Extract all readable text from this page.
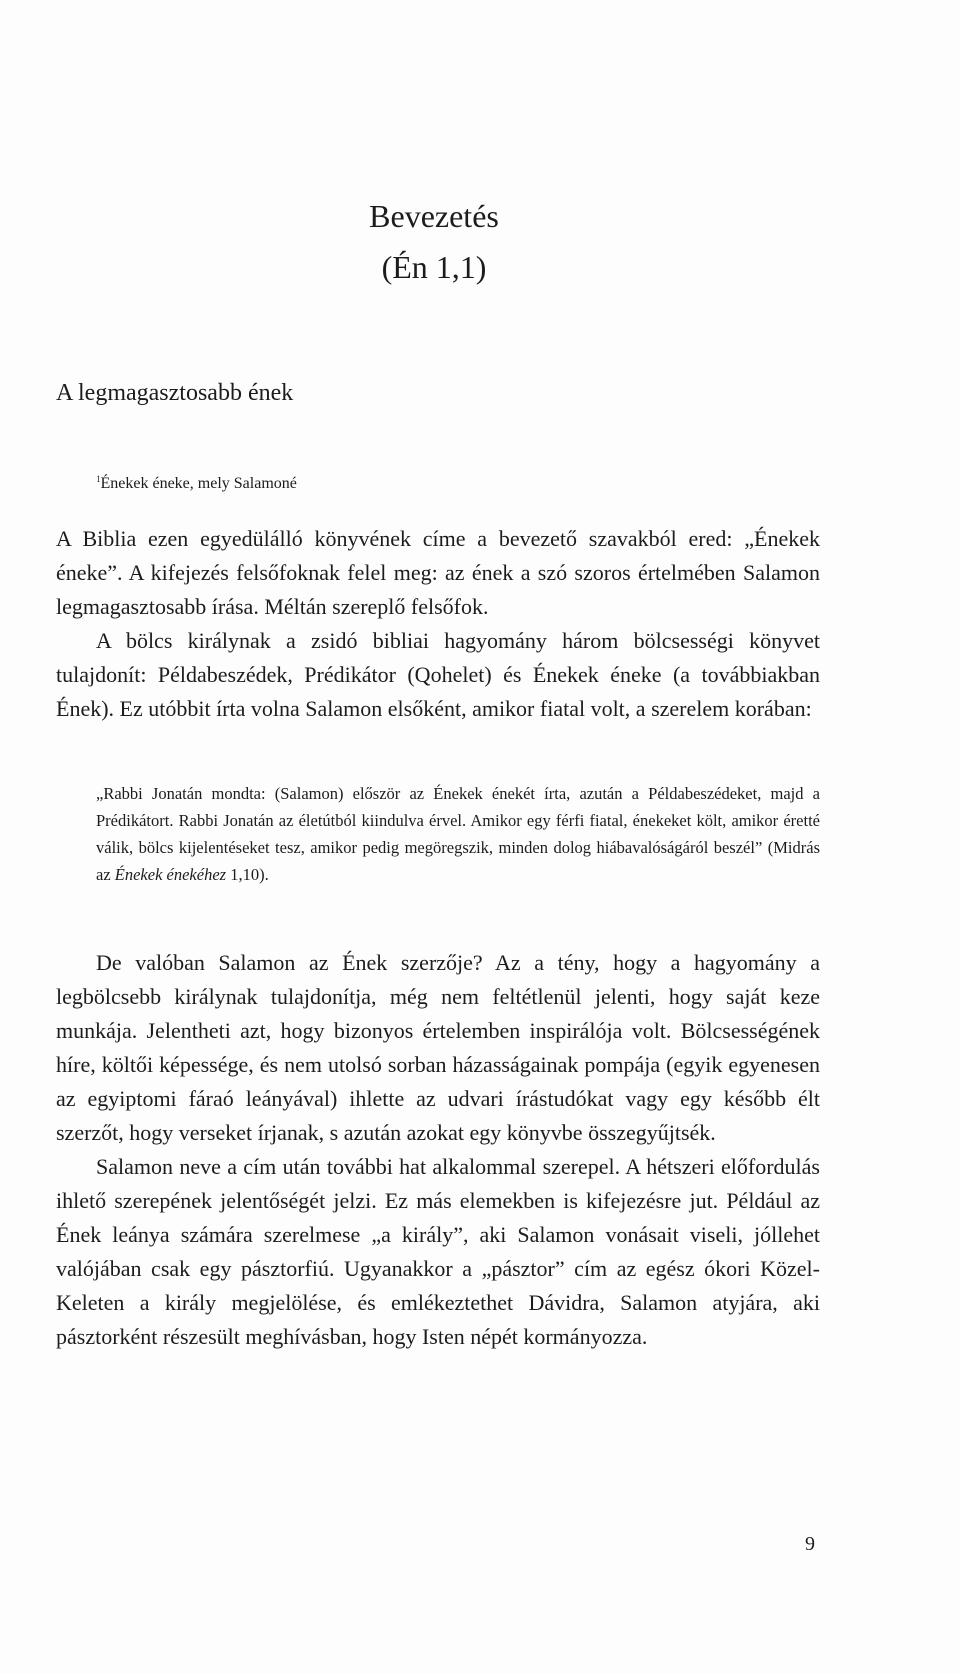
Bevezetés
(Én 1,1)
A legmagasztosabb ének

$^1$Énekek éneke, mely Salamoné

A Biblia ezen egyedülálló könyvének címe a bevezető szavakból ered: „Énekek éneke”. A kifejezés felsőfoknak felel meg: az ének a szó szoros értelmében Salamon legmagasztosabb írása. Méltán szereplő felsőfok.

A bölcs királynak a zsidó bibliai hagyomány három bölcsességi könyvet tulajdonít: Példabeszédek, Prédikátor (Qohelet) és Énekek éneke (a továbbiakban Ének). Ez utóbbit írta volna Salamon elsőként, amikor fiatal volt, a szerelem korában:

„Rabbi Jonatán mondta: (Salamon) először az Énekek énekét írta, azután a Példabeszédeket, majd a Prédikátort. Rabbi Jonatán az életútból kiindulva érvel. Amikor egy férfi fiatal, énekeket költ, amikor éretté válik, bölcs kijelentéseket tesz, amikor pedig megöregszik, minden dolog hiábavalóságáról beszél” (Midrás az Énekek énekéhez 1,10).

De valóban Salamon az Ének szerzője? Az a tény, hogy a hagyomány a legbölcsebb királynak tulajdonítja, még nem feltétlenül jelenti, hogy saját keze munkája. Jelentheti azt, hogy bizonyos értelemben inspirálója volt. Bölcsességének híre, költői képessége, és nem utolsó sorban házasságainak pompája (egyik egyenesen az egyiptomi fáraó leányával) ihlette az udvari írástudókat vagy egy később élt szerzőt, hogy verseket írjanak, s azután azokat egy könyvbe összegyűjtsék.

Salamon neve a cím után további hat alkalommal szerepel. A hétszeri előfordulás ihlető szerepének jelentőségét jelzi. Ez más elemekben is kifejezésre jut. Például az Ének leánya számára szerelmese „a király”, aki Salamon vonásait viseli, jóllehet valójában csak egy pásztorfiú. Ugyanakkor a „pásztor” cím az egész ókori Közel-Keleten a király megjelölése, és emlékeztethet Dávidra, Salamon atyjára, aki pásztorként részesült meghívásban, hogy Isten népét kormányozza.

9
